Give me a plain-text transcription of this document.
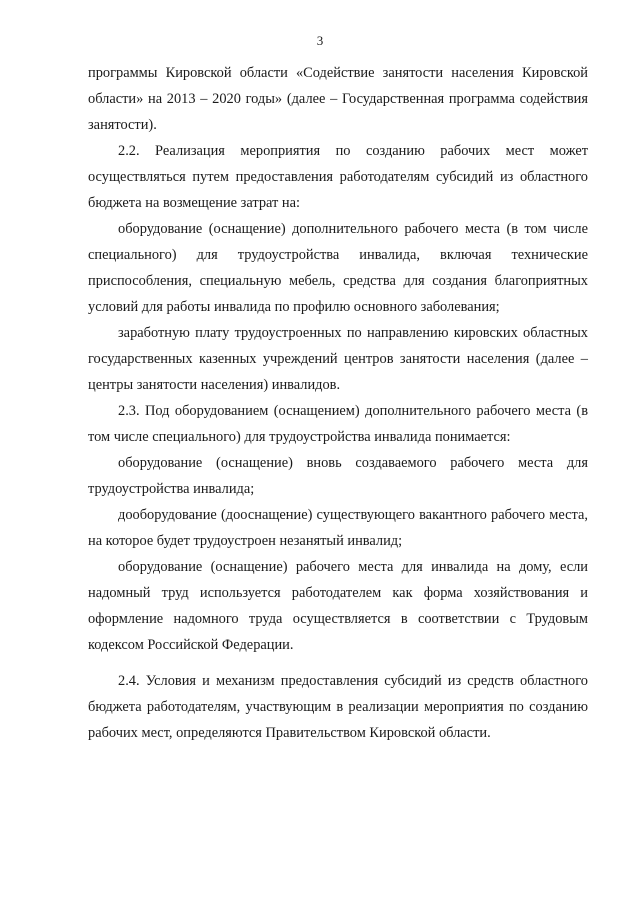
3

программы Кировской области «Содействие занятости населения Кировской области» на 2013 – 2020 годы» (далее – Государственная программа содействия занятости).

2.2. Реализация мероприятия по созданию рабочих мест может осуществляться путем предоставления работодателям субсидий из областного бюджета на возмещение затрат на:

оборудование (оснащение) дополнительного рабочего места (в том числе специального) для трудоустройства инвалида, включая технические приспособления, специальную мебель, средства для создания благоприятных условий для работы инвалида по профилю основного заболевания;

заработную плату трудоустроенных по направлению кировских областных государственных казенных учреждений центров занятости населения (далее – центры занятости населения) инвалидов.

2.3. Под оборудованием (оснащением) дополнительного рабочего места (в том числе специального) для трудоустройства инвалида понимается:

оборудование (оснащение) вновь создаваемого рабочего места для трудоустройства инвалида;

дооборудование (дооснащение) существующего вакантного рабочего места, на которое будет трудоустроен незанятый инвалид;

оборудование (оснащение) рабочего места для инвалида на дому, если надомный труд используется работодателем как форма хозяйствования и оформление надомного труда осуществляется в соответствии с Трудовым кодексом Российской Федерации.

2.4. Условия и механизм предоставления субсидий из средств областного бюджета работодателям, участвующим в реализации мероприятия по созданию рабочих мест, определяются Правительством Кировской области.
